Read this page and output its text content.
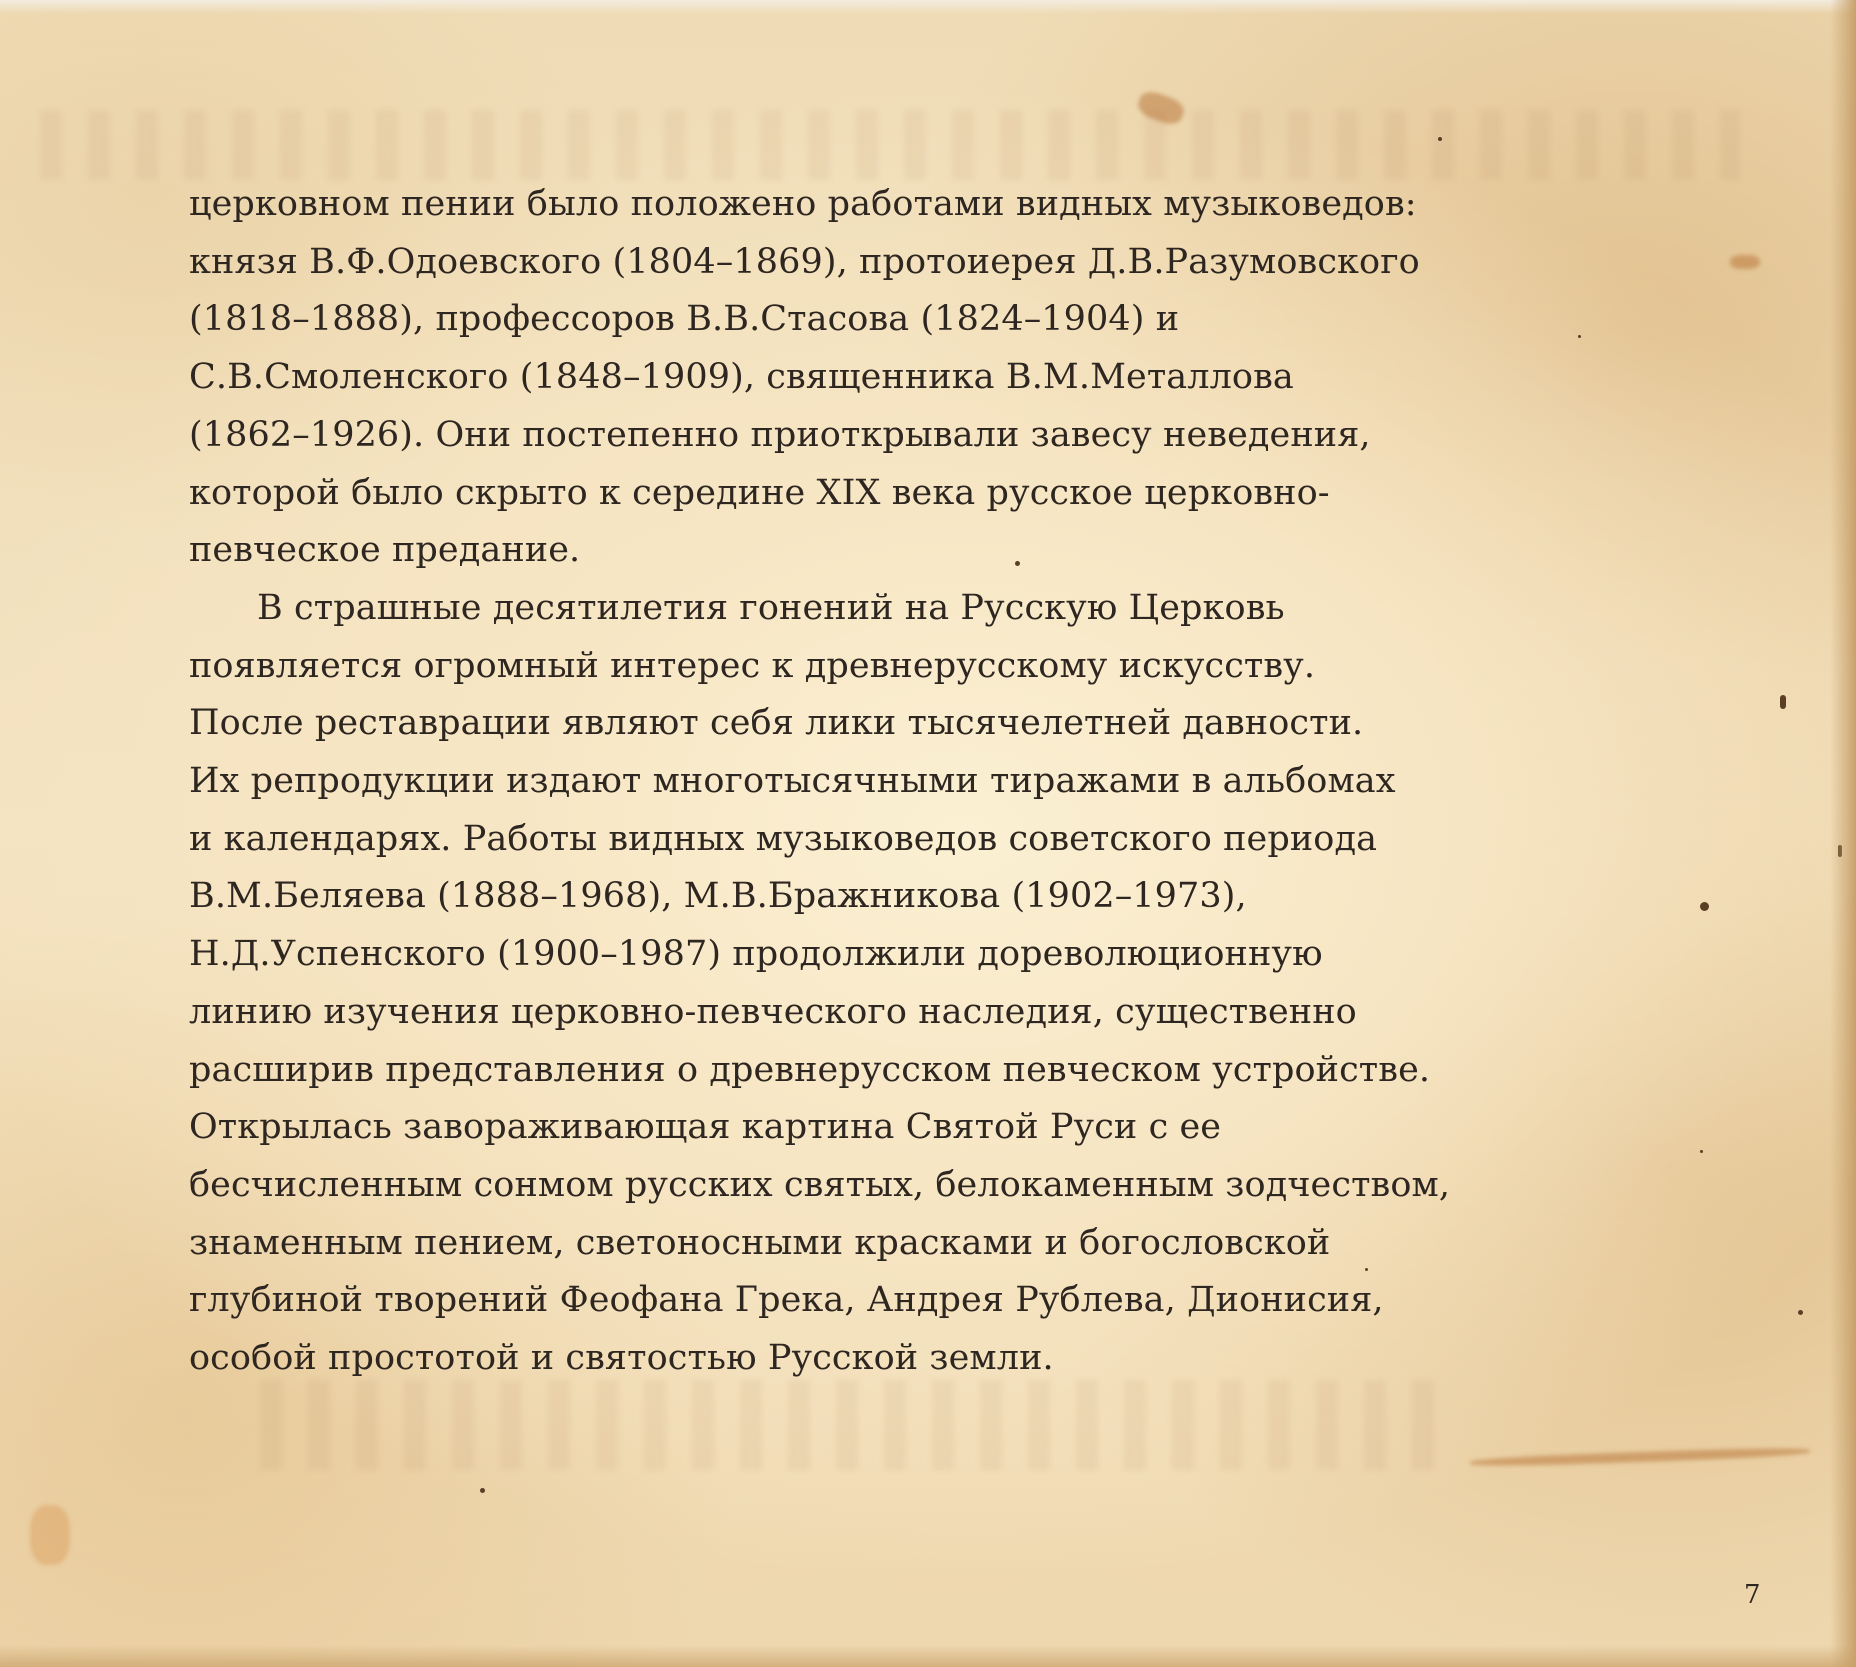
церковном пении было положено работами видных музыковедов:
князя В.Ф.Одоевского (1804–1869), протоиерея Д.В.Разумовского
(1818–1888), профессоров В.В.Стасова (1824–1904) и
С.В.Смоленского (1848–1909), священника В.М.Металлова
(1862–1926). Они постепенно приоткрывали завесу неведения,
которой было скрыто к середине XIX века русское церковно-
певческое предание.
В страшные десятилетия гонений на Русскую Церковь
появляется огромный интерес к древнерусскому искусству.
После реставрации являют себя лики тысячелетней давности.
Их репродукции издают многотысячными тиражами в альбомах
и календарях. Работы видных музыковедов советского периода
В.М.Беляева (1888–1968), М.В.Бражникова (1902–1973),
Н.Д.Успенского (1900–1987) продолжили дореволюционную
линию изучения церковно-певческого наследия, существенно
расширив представления о древнерусском певческом устройстве.
Открылась завораживающая картина Святой Руси с ее
бесчисленным сонмом русских святых, белокаменным зодчеством,
знаменным пением, светоносными красками и богословской
глубиной творений Феофана Грека, Андрея Рублева, Дионисия,
особой простотой и святостью Русской земли.
7
